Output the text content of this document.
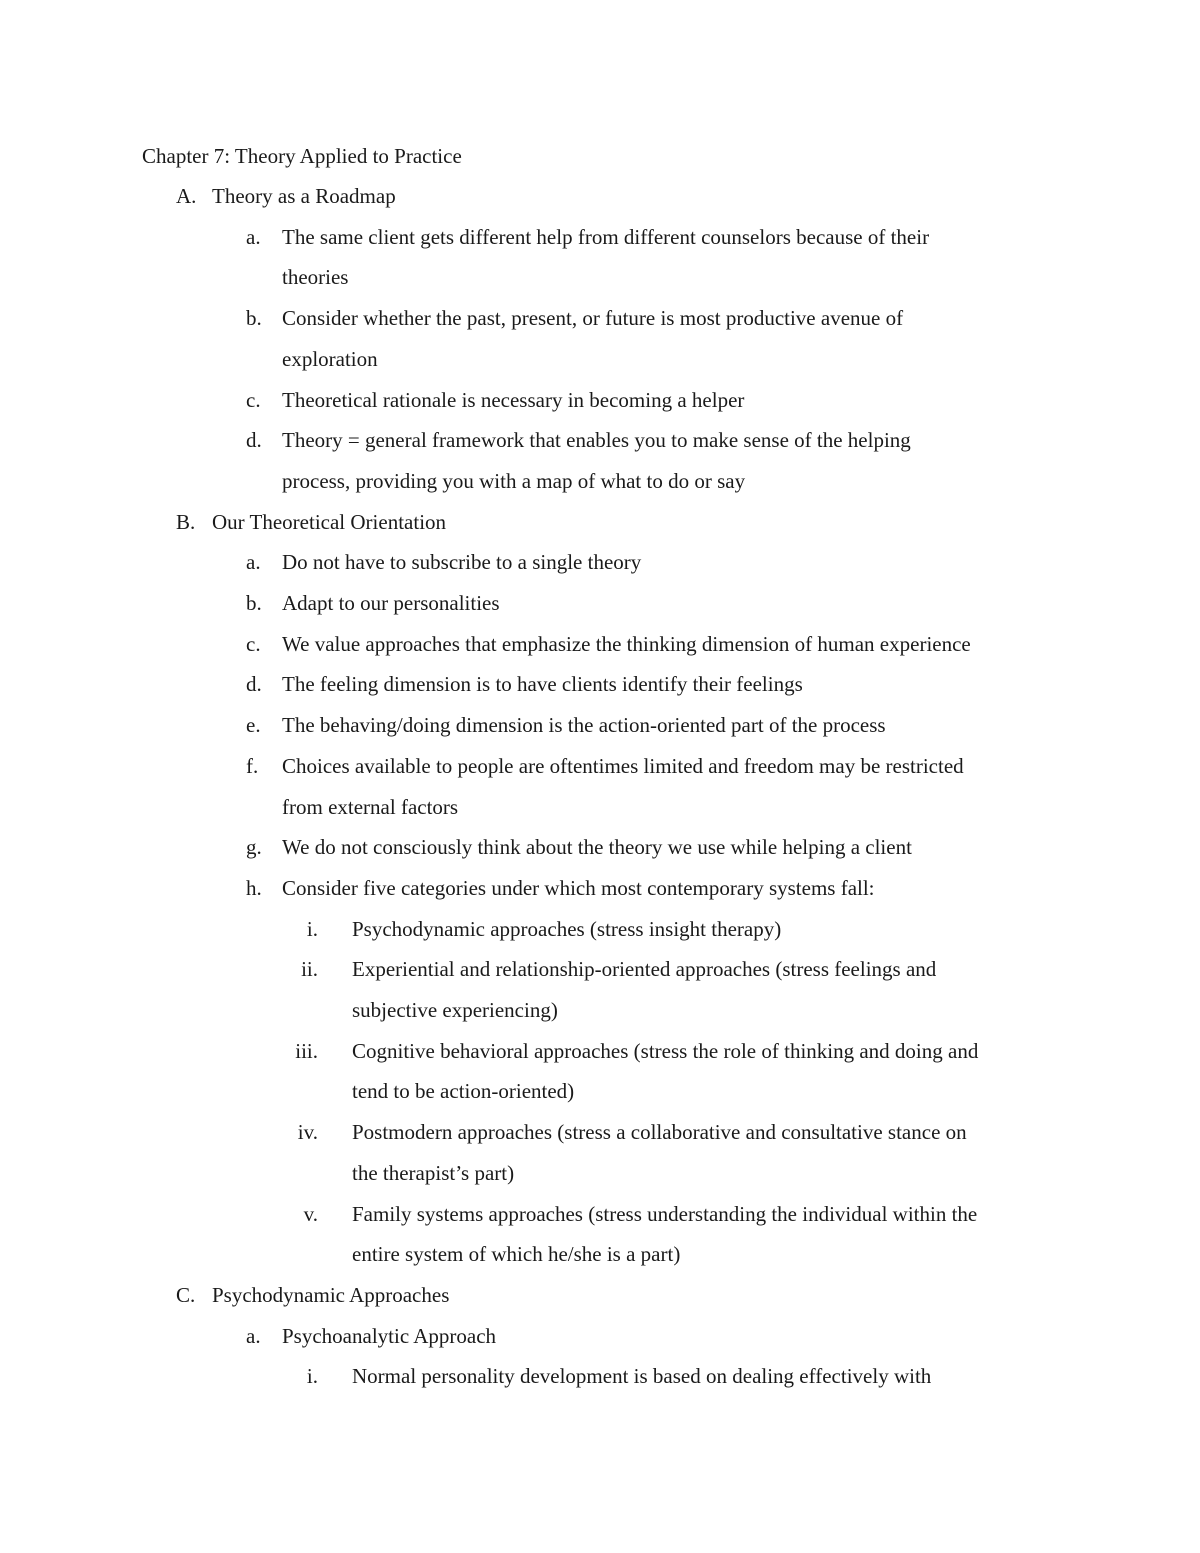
Chapter 7: Theory Applied to Practice
A. Theory as a Roadmap
a. The same client gets different help from different counselors because of their
theories
b. Consider whether the past, present, or future is most productive avenue of
exploration
c. Theoretical rationale is necessary in becoming a helper
d. Theory = general framework that enables you to make sense of the helping
process, providing you with a map of what to do or say
B. Our Theoretical Orientation
a. Do not have to subscribe to a single theory
b. Adapt to our personalities
c. We value approaches that emphasize the thinking dimension of human experience
d. The feeling dimension is to have clients identify their feelings
e. The behaving/doing dimension is the action-oriented part of the process
f. Choices available to people are oftentimes limited and freedom may be restricted
from external factors
g. We do not consciously think about the theory we use while helping a client
h. Consider five categories under which most contemporary systems fall:
i. Psychodynamic approaches (stress insight therapy)
ii. Experiential and relationship-oriented approaches (stress feelings and
subjective experiencing)
iii. Cognitive behavioral approaches (stress the role of thinking and doing and
tend to be action-oriented)
iv. Postmodern approaches (stress a collaborative and consultative stance on
the therapist’s part)
v. Family systems approaches (stress understanding the individual within the
entire system of which he/she is a part)
C. Psychodynamic Approaches
a. Psychoanalytic Approach
i. Normal personality development is based on dealing effectively with
